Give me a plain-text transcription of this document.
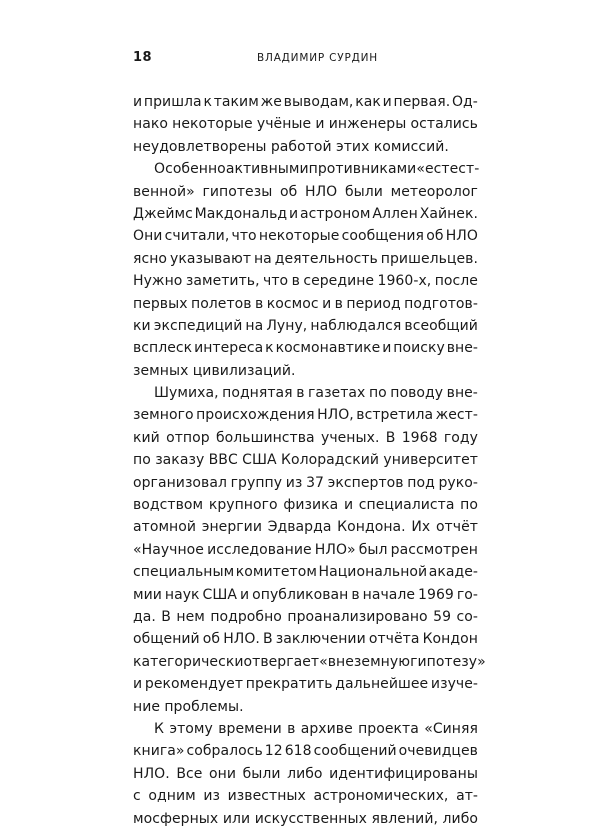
18	ВЛАДИМИР СУРДИН
и пришла к таким же выводам, как и первая. Од-
нако некоторые учёные и инженеры остались
неудовлетворены работой этих комиссий.
Особенно активными противниками «естест-
венной» гипотезы об НЛО были метеоролог
Джеймс Макдональд и астроном Аллен Хайнек.
Они считали, что некоторые сообщения об НЛО
ясно указывают на деятельность пришельцев.
Нужно заметить, что в середине 1960-х, после
первых полетов в космос и в период подготов-
ки экспедиций на Луну, наблюдался всеобщий
всплеск интереса к космонавтике и поиску вне-
земных цивилизаций.
Шумиха, поднятая в газетах по поводу вне-
земного происхождения НЛО, встретила жест-
кий отпор большинства ученых. В 1968 году
по заказу ВВС США Колорадский университет
организовал группу из 37 экспертов под руко-
водством крупного физика и специалиста по
атомной энергии Эдварда Кондона. Их отчёт
«Научное исследование НЛО» был рассмотрен
специальным комитетом Национальной акаде-
мии наук США и опубликован в начале 1969 го-
да. В нем подробно проанализировано 59 со-
общений об НЛО. В заключении отчёта Кондон
категорически отвергает «внеземную гипотезу»
и рекомендует прекратить дальнейшее изуче-
ние проблемы.
К этому времени в архиве проекта «Синяя
книга» собралось 12 618 сообщений очевидцев
НЛО. Все они были либо идентифицированы
с одним из известных астрономических, ат-
мосферных или искусственных явлений, либо
